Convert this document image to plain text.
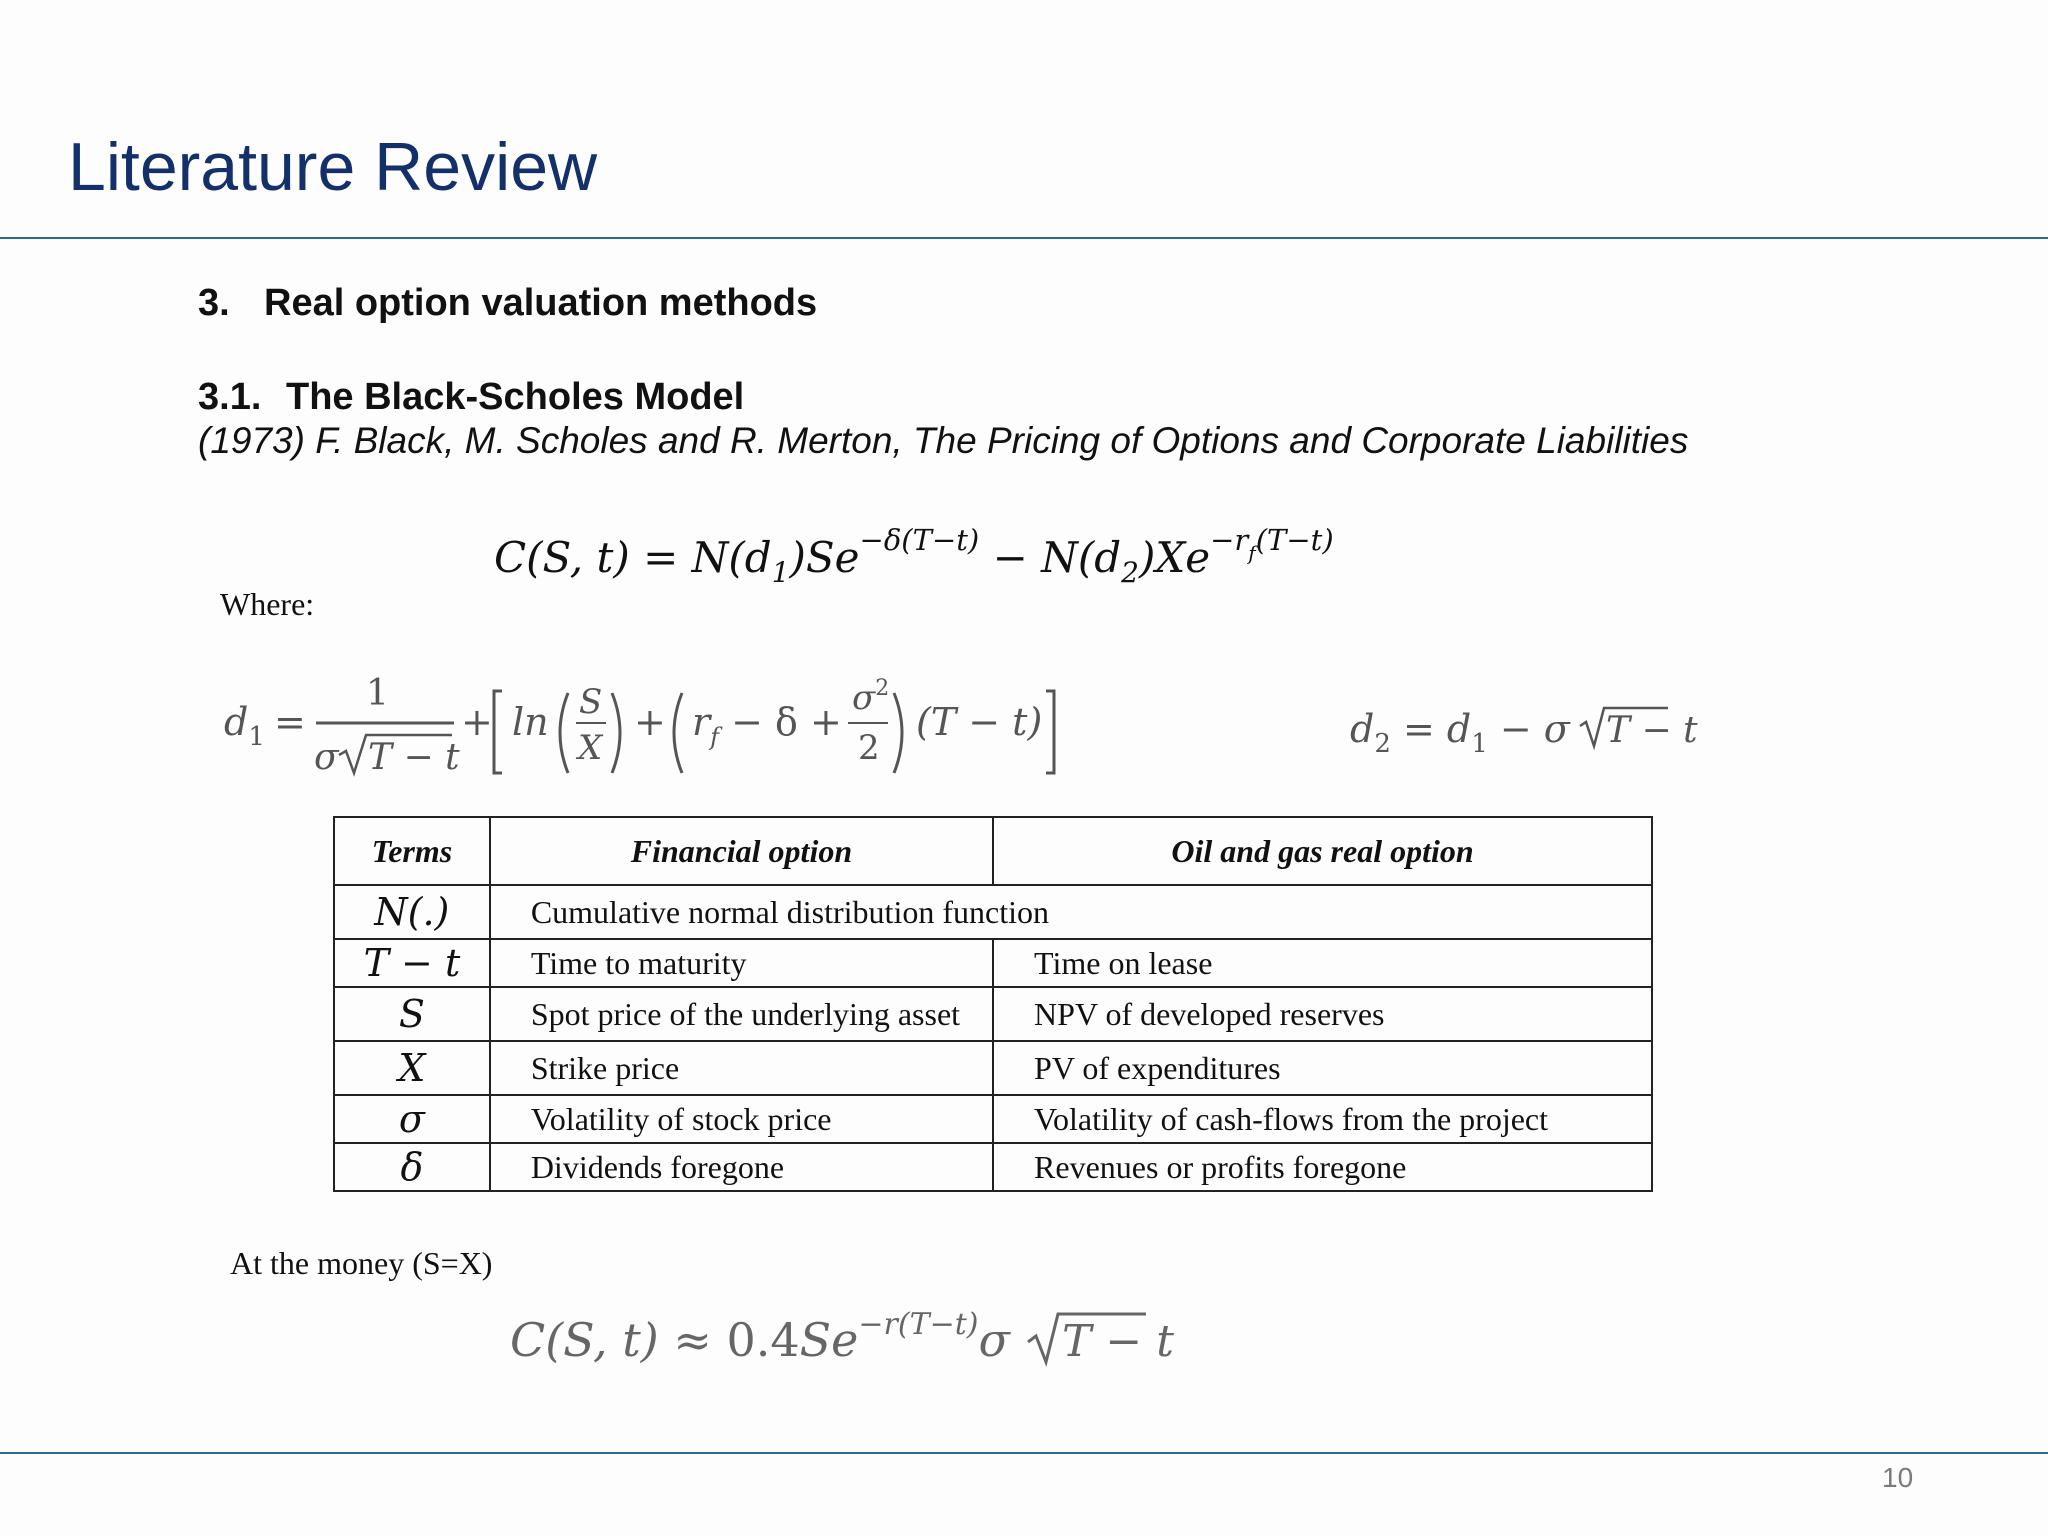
Literature Review
3. Real option valuation methods
3.1. The Black-Scholes Model
(1973) F. Black, M. Scholes and R. Merton, The Pricing of Options and Corporate Liabilities
C(S, $t) = N(d_1)Se^{-\delta(T-t)} - N(d_2)Xe^{-r}_f^{(T-t)}$
Where:
$d_1$ =
1
σ T − t
+ ln S
X
+ $r_f - \delta$ +
$\sigma^2$
2
(T − t)	$d_2 = d_1 - \sigma$ T − t
Terms	Financial option	Oil and gas real option
N(.)	Cumulative normal distribution function	
T − t	Time to maturity	Time on lease
S	Spot price of the underlying asset	NPV of developed reserves
X	Strike price	PV of expenditures
σ	Volatility of stock price	Volatility of cash-flows from the project
δ	Dividends foregone	Revenues or profits foregone
At the money (S=X)
C(S, $t) \approx 0.4Se^{-r(T-t)}\sigma$ T − t
10
